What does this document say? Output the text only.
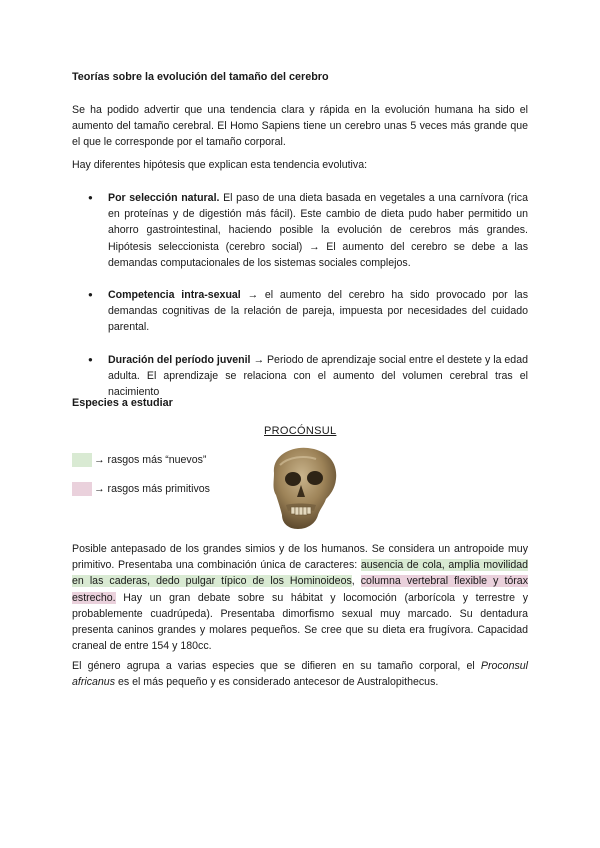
Teorías sobre la evolución del tamaño del cerebro

Se ha podido advertir que una tendencia clara y rápida en la evolución humana ha sido el aumento del tamaño cerebral. El Homo Sapiens tiene un cerebro unas 5 veces más grande que el que le corresponde por el tamaño corporal.

Hay diferentes hipótesis que explican esta tendencia evolutiva:

● Por selección natural. El paso de una dieta basada en vegetales a una carnívora (rica en proteínas y de digestión más fácil). Este cambio de dieta pudo haber permitido un ahorro gastrointestinal, haciendo posible la evolución de cerebros más grandes. Hipótesis seleccionista (cerebro social) → El aumento del cerebro se debe a las demandas computacionales de los sistemas sociales complejos.
● Competencia intra-sexual → el aumento del cerebro ha sido provocado por las demandas cognitivas de la relación de pareja, impuesta por necesidades del cuidado parental.
● Duración del período juvenil → Periodo de aprendizaje social entre el destete y la edad adulta. El aprendizaje se relaciona con el aumento del volumen cerebral tras el nacimiento
Especies a estudiar
PROCÓNSUL
→ rasgos más “nuevos”
→ rasgos más primitivos

Posible antepasado de los grandes simios y de los humanos. Se considera un antropoide muy primitivo. Presentaba una combinación única de caracteres: ausencia de cola, amplia movilidad en las caderas, dedo pulgar típico de los Hominoideos, columna vertebral flexible y tórax estrecho. Hay un gran debate sobre su hábitat y locomoción (arborícola y terrestre y probablemente cuadrúpeda). Presentaba dimorfismo sexual muy marcado. Su dentadura presenta caninos grandes y molares pequeños. Se cree que su dieta era frugívora. Capacidad craneal de entre 154 y 180cc.

El género agrupa a varias especies que se difieren en su tamaño corporal, el Proconsul africanus es el más pequeño y es considerado antecesor de Australopithecus.
